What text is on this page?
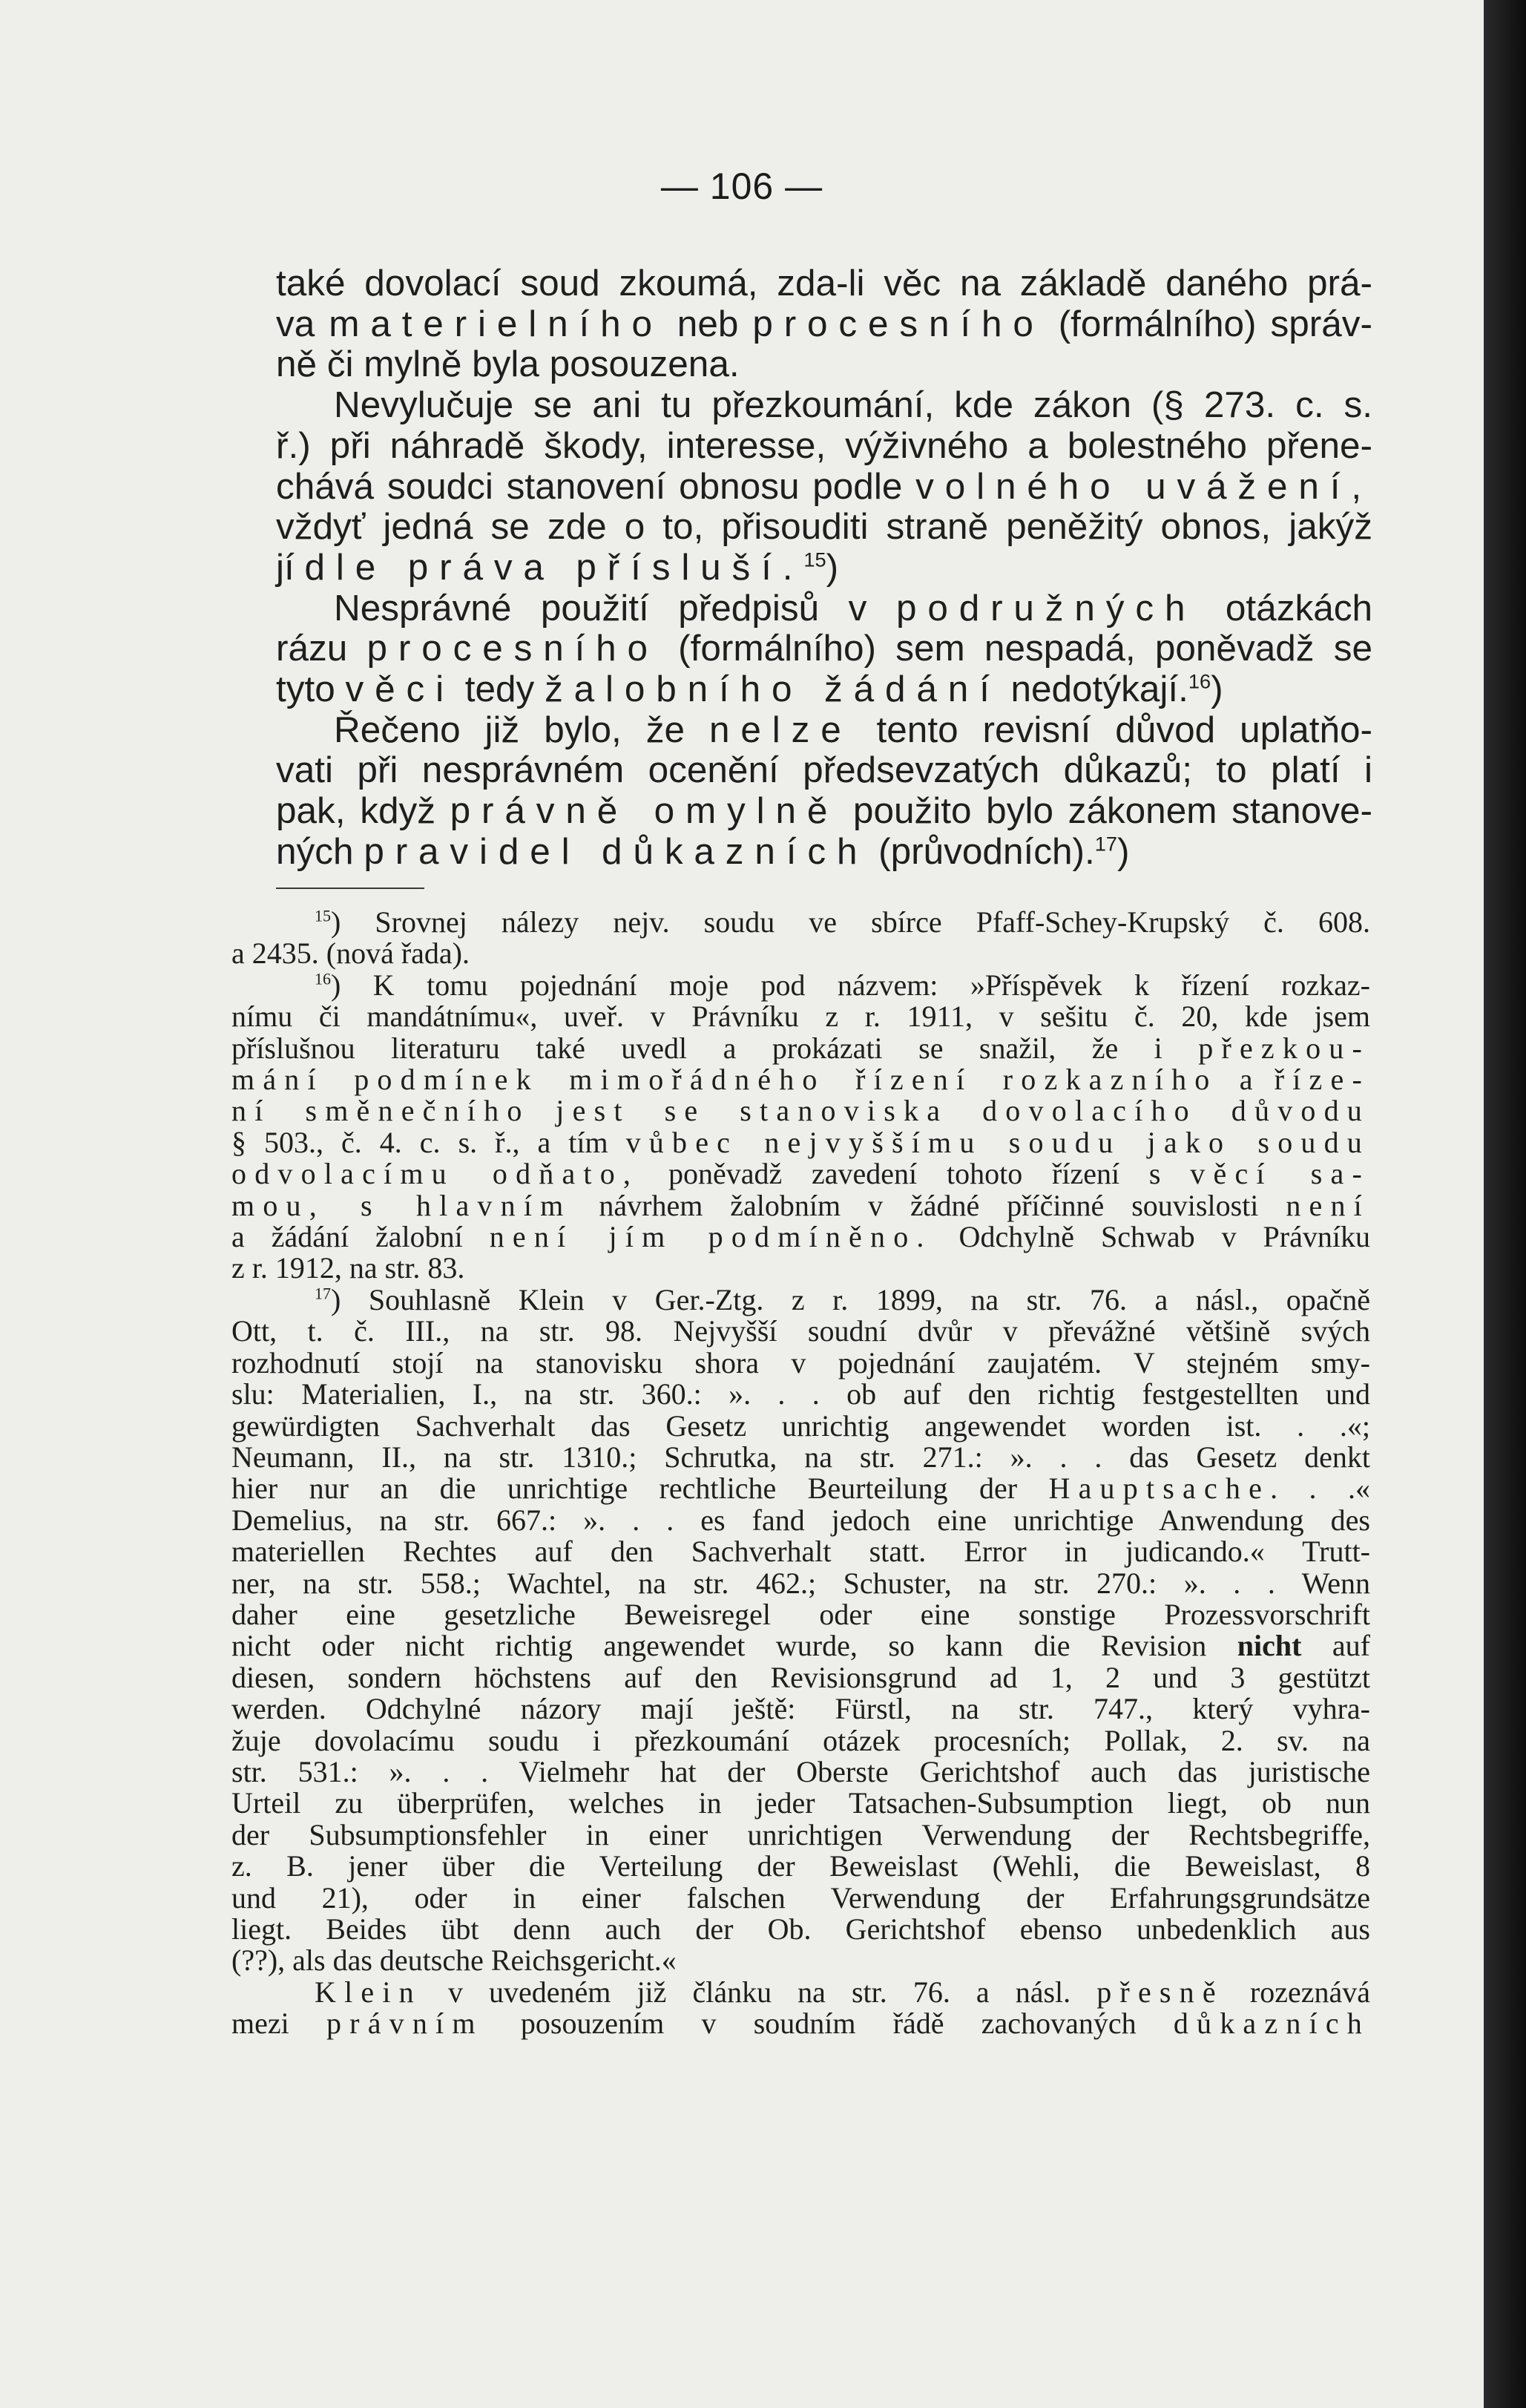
— 106 —
také dovolací soud zkoumá, zda-li věc na základě daného prá-
va materielního neb procesního (formálního) správ-
ně či mylně byla posouzena.
Nevylučuje se ani tu přezkoumání, kde zákon (§ 273. c. s.
ř.) při náhradě škody, interesse, výživného a bolestného přene-
chává soudci stanovení obnosu podle volného uvážení,
vždyť jedná se zde o to, přisouditi straně peněžitý obnos, jakýž
jí dle práva přísluší.$^{15}$)
Nesprávné použití předpisů v podružných otázkách
rázu procesního (formálního) sem nespadá, poněvadž se
tyto věci tedy žalobního žádání nedotýkají.$^{16}$)
Řečeno již bylo, že nelze tento revisní důvod uplatňo-
vati při nesprávném ocenění předsevzatých důkazů; to platí i
pak, když právně omylně použito bylo zákonem stanove-
ných pravidel důkazních (průvodních).$^{17}$)
$^{15}$) Srovnej nálezy nejv. soudu ve sbírce Pfaff-Schey-Krupský č. 608.
a 2435. (nová řada).
$^{16}$) K tomu pojednání moje pod názvem: »Příspěvek k řízení rozkaz-
nímu či mandátnímu«, uveř. v Právníku z r. 1911, v sešitu č. 20, kde jsem
příslušnou literaturu také uvedl a prokázati se snažil, že i přezkou-
mání podmínek mimořádného řízení rozkazního a říze-
ní směnečního jest se stanoviska dovolacího důvodu
§ 503., č. 4. c. s. ř., a tím vůbec nejvyššímu soudu jako soudu
odvolacímu odňato, poněvadž zavedení tohoto řízení s věcí sa-
mou, s hlavním návrhem žalobním v žádné příčinné souvislosti není
a žádání žalobní není jím podmíněno. Odchylně Schwab v Právníku
z r. 1912, na str. 83.
$^{17}$) Souhlasně Klein v Ger.-Ztg. z r. 1899, na str. 76. a násl., opačně
Ott, t. č. III., na str. 98. Nejvyšší soudní dvůr v převážné většině svých
rozhodnutí stojí na stanovisku shora v pojednání zaujatém. V stejném smy-
slu: Materialien, I., na str. 360.: ». . . ob auf den richtig festgestellten und
gewürdigten Sachverhalt das Gesetz unrichtig angewendet worden ist. . .«;
Neumann, II., na str. 1310.; Schrutka, na str. 271.: ». . . das Gesetz denkt
hier nur an die unrichtige rechtliche Beurteilung der Hauptsache. . .«
Demelius, na str. 667.: ». . . es fand jedoch eine unrichtige Anwendung des
materiellen Rechtes auf den Sachverhalt statt. Error in judicando.« Trutt-
ner, na str. 558.; Wachtel, na str. 462.; Schuster, na str. 270.: ». . . Wenn
daher eine gesetzliche Beweisregel oder eine sonstige Prozessvorschrift
nicht oder nicht richtig angewendet wurde, so kann die Revision nicht auf
diesen, sondern höchstens auf den Revisionsgrund ad 1, 2 und 3 gestützt
werden. Odchylné názory mají ještě: Fürstl, na str. 747., který vyhra-
žuje dovolacímu soudu i přezkoumání otázek procesních; Pollak, 2. sv. na
str. 531.: ». . . Vielmehr hat der Oberste Gerichtshof auch das juristische
Urteil zu überprüfen, welches in jeder Tatsachen-Subsumption liegt, ob nun
der Subsumptionsfehler in einer unrichtigen Verwendung der Rechtsbegriffe,
z. B. jener über die Verteilung der Beweislast (Wehli, die Beweislast, 8
und 21), oder in einer falschen Verwendung der Erfahrungsgrundsätze
liegt. Beides übt denn auch der Ob. Gerichtshof ebenso unbedenklich aus
(??), als das deutsche Reichsgericht.«
Klein v uvedeném již článku na str. 76. a násl. přesně rozeznává
mezi právním posouzením v soudním řádě zachovaných důkazních
